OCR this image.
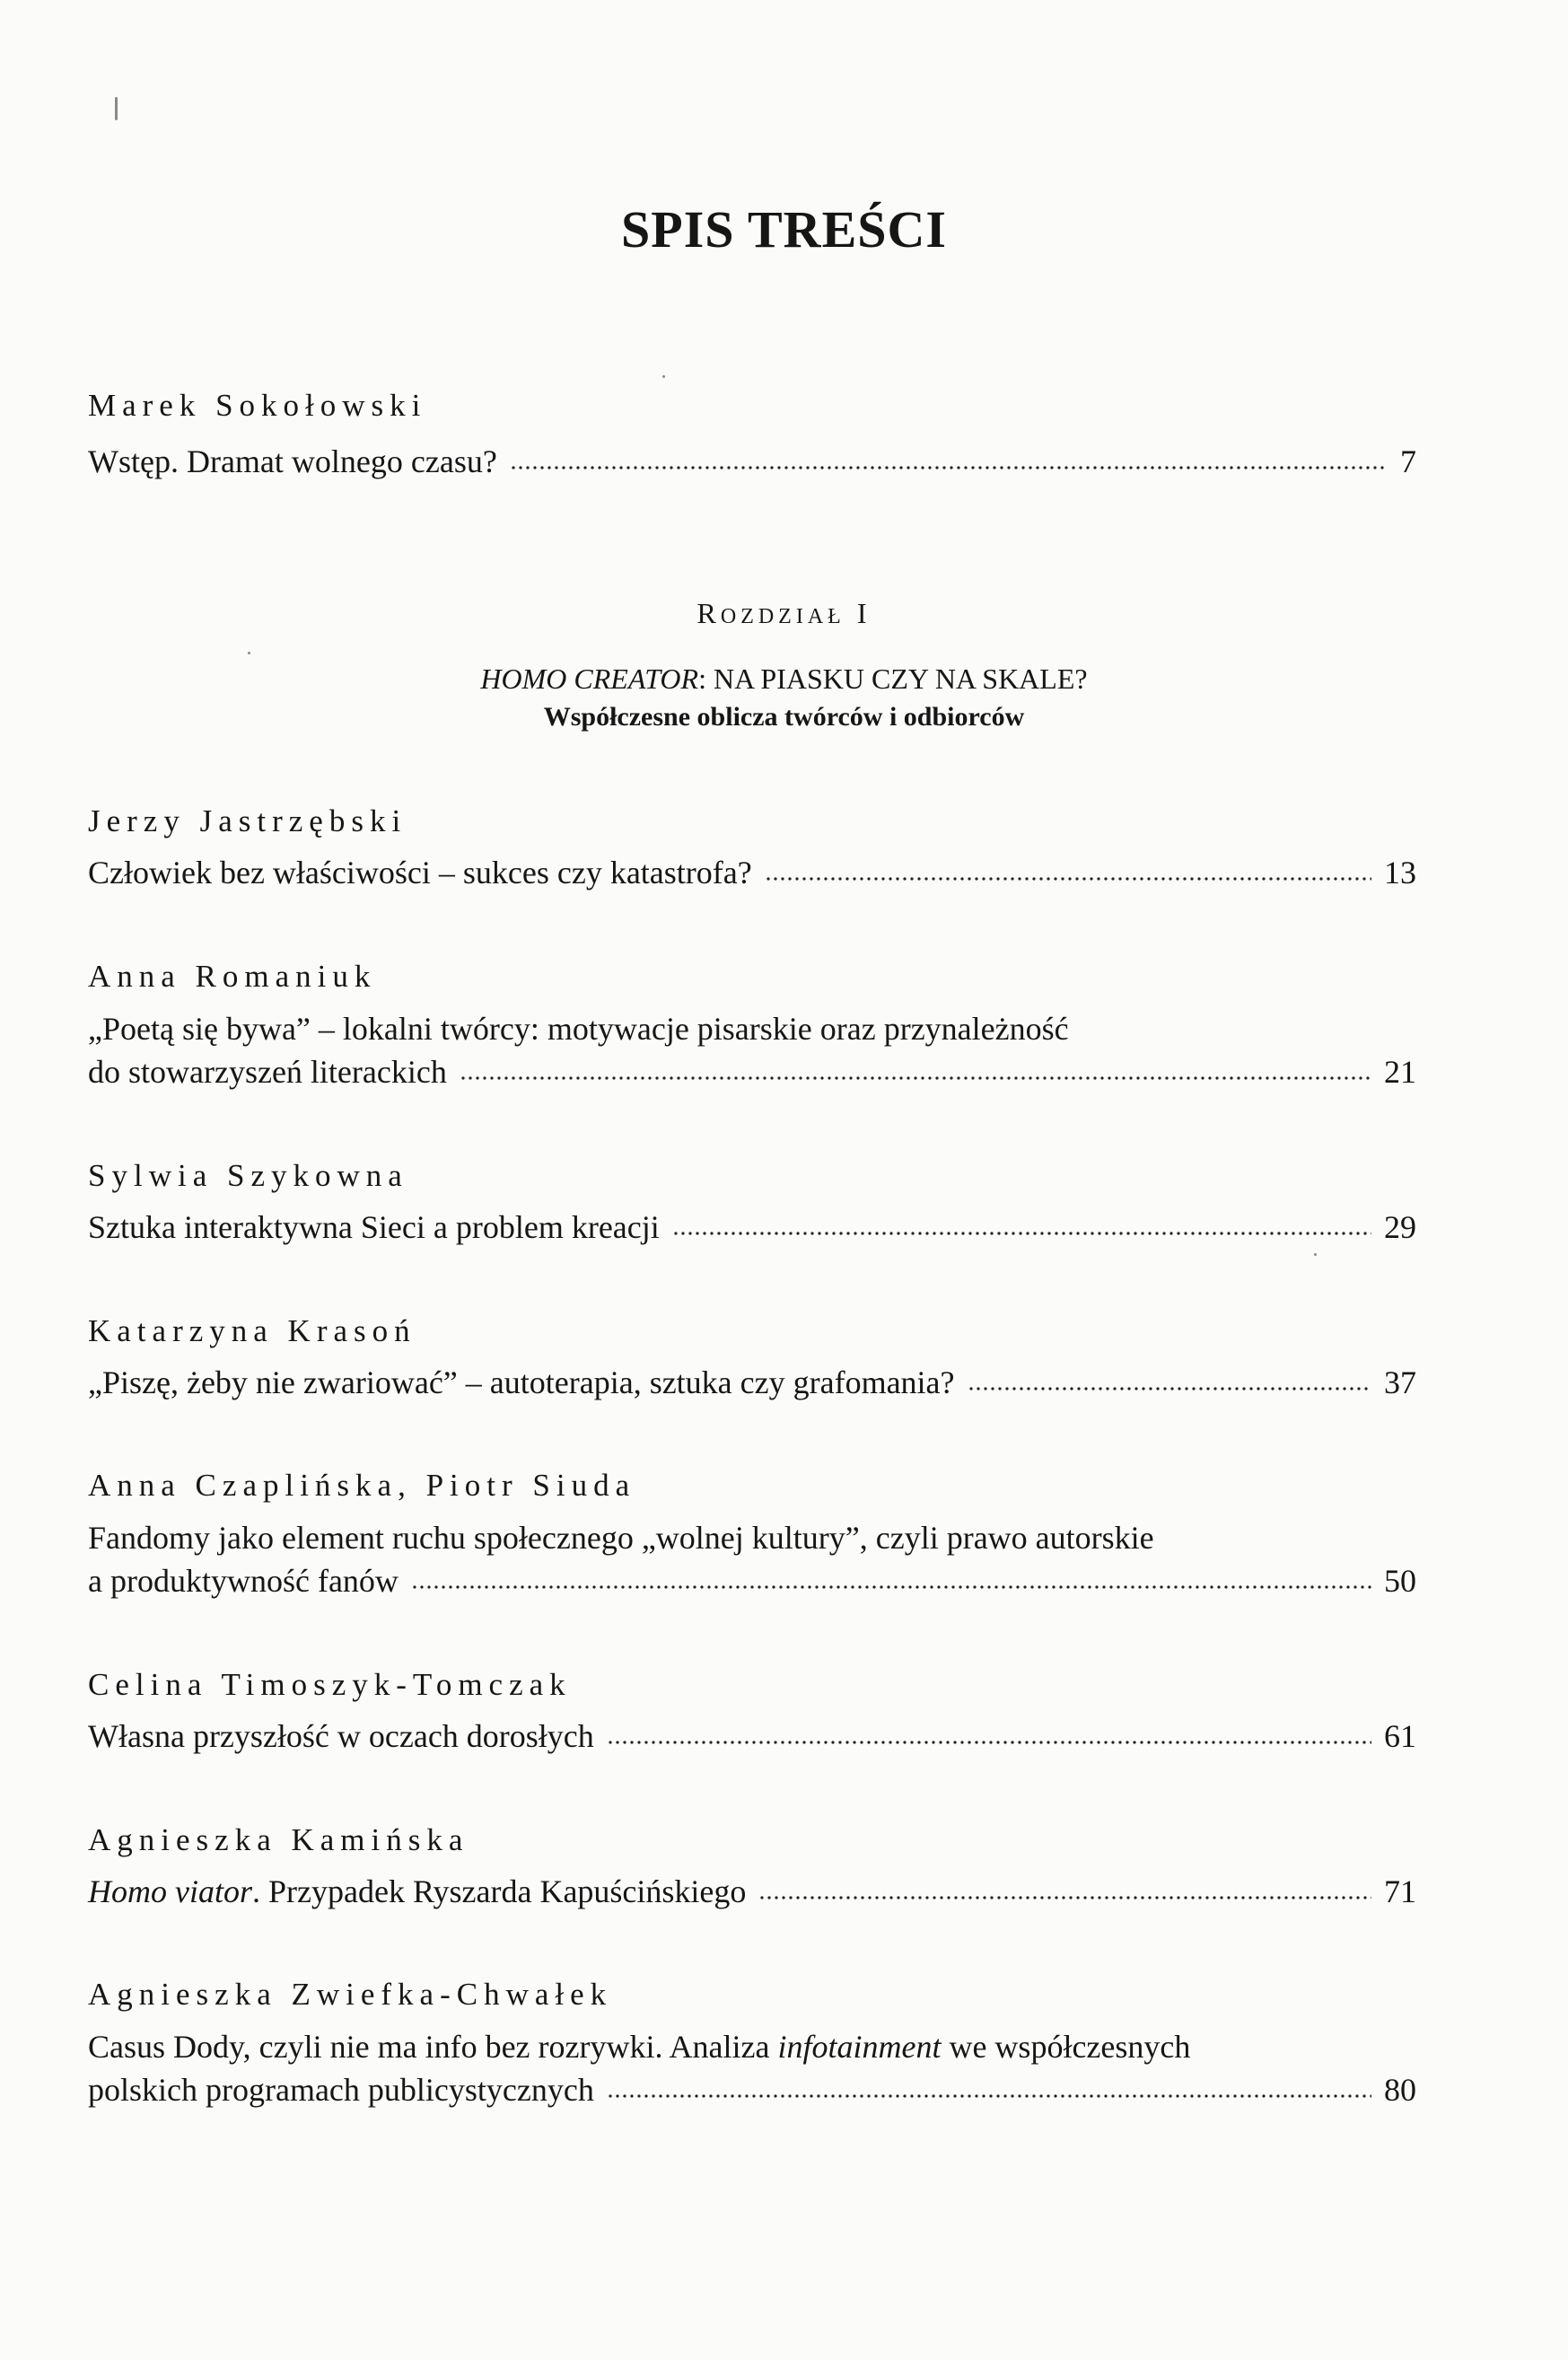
SPIS TREŚCI
Marek Sokołowski
Wstęp. Dramat wolnego czasu?	7
ROZDZIAŁ I
HOMO CREATOR: NA PIASKU CZY NA SKALE?
Współczesne oblicza twórców i odbiorców
Jerzy Jastrzębski
Człowiek bez właściwości – sukces czy katastrofa?	13
Anna Romaniuk
„Poetą się bywa” – lokalni twórcy: motywacje pisarskie oraz przynależność
do stowarzyszeń literackich	21
Sylwia Szykowna
Sztuka interaktywna Sieci a problem kreacji	29
Katarzyna Krasoń
„Piszę, żeby nie zwariować” – autoterapia, sztuka czy grafomania?	37
Anna Czaplińska, Piotr Siuda
Fandomy jako element ruchu społecznego „wolnej kultury”, czyli prawo autorskie
a produktywność fanów	50
Celina Timoszyk-Tomczak
Własna przyszłość w oczach dorosłych	61
Agnieszka Kamińska
Homo viator. Przypadek Ryszarda Kapuścińskiego	71
Agnieszka Zwiefka-Chwałek
Casus Dody, czyli nie ma info bez rozrywki. Analiza infotainment we współczesnych
polskich programach publicystycznych	80
